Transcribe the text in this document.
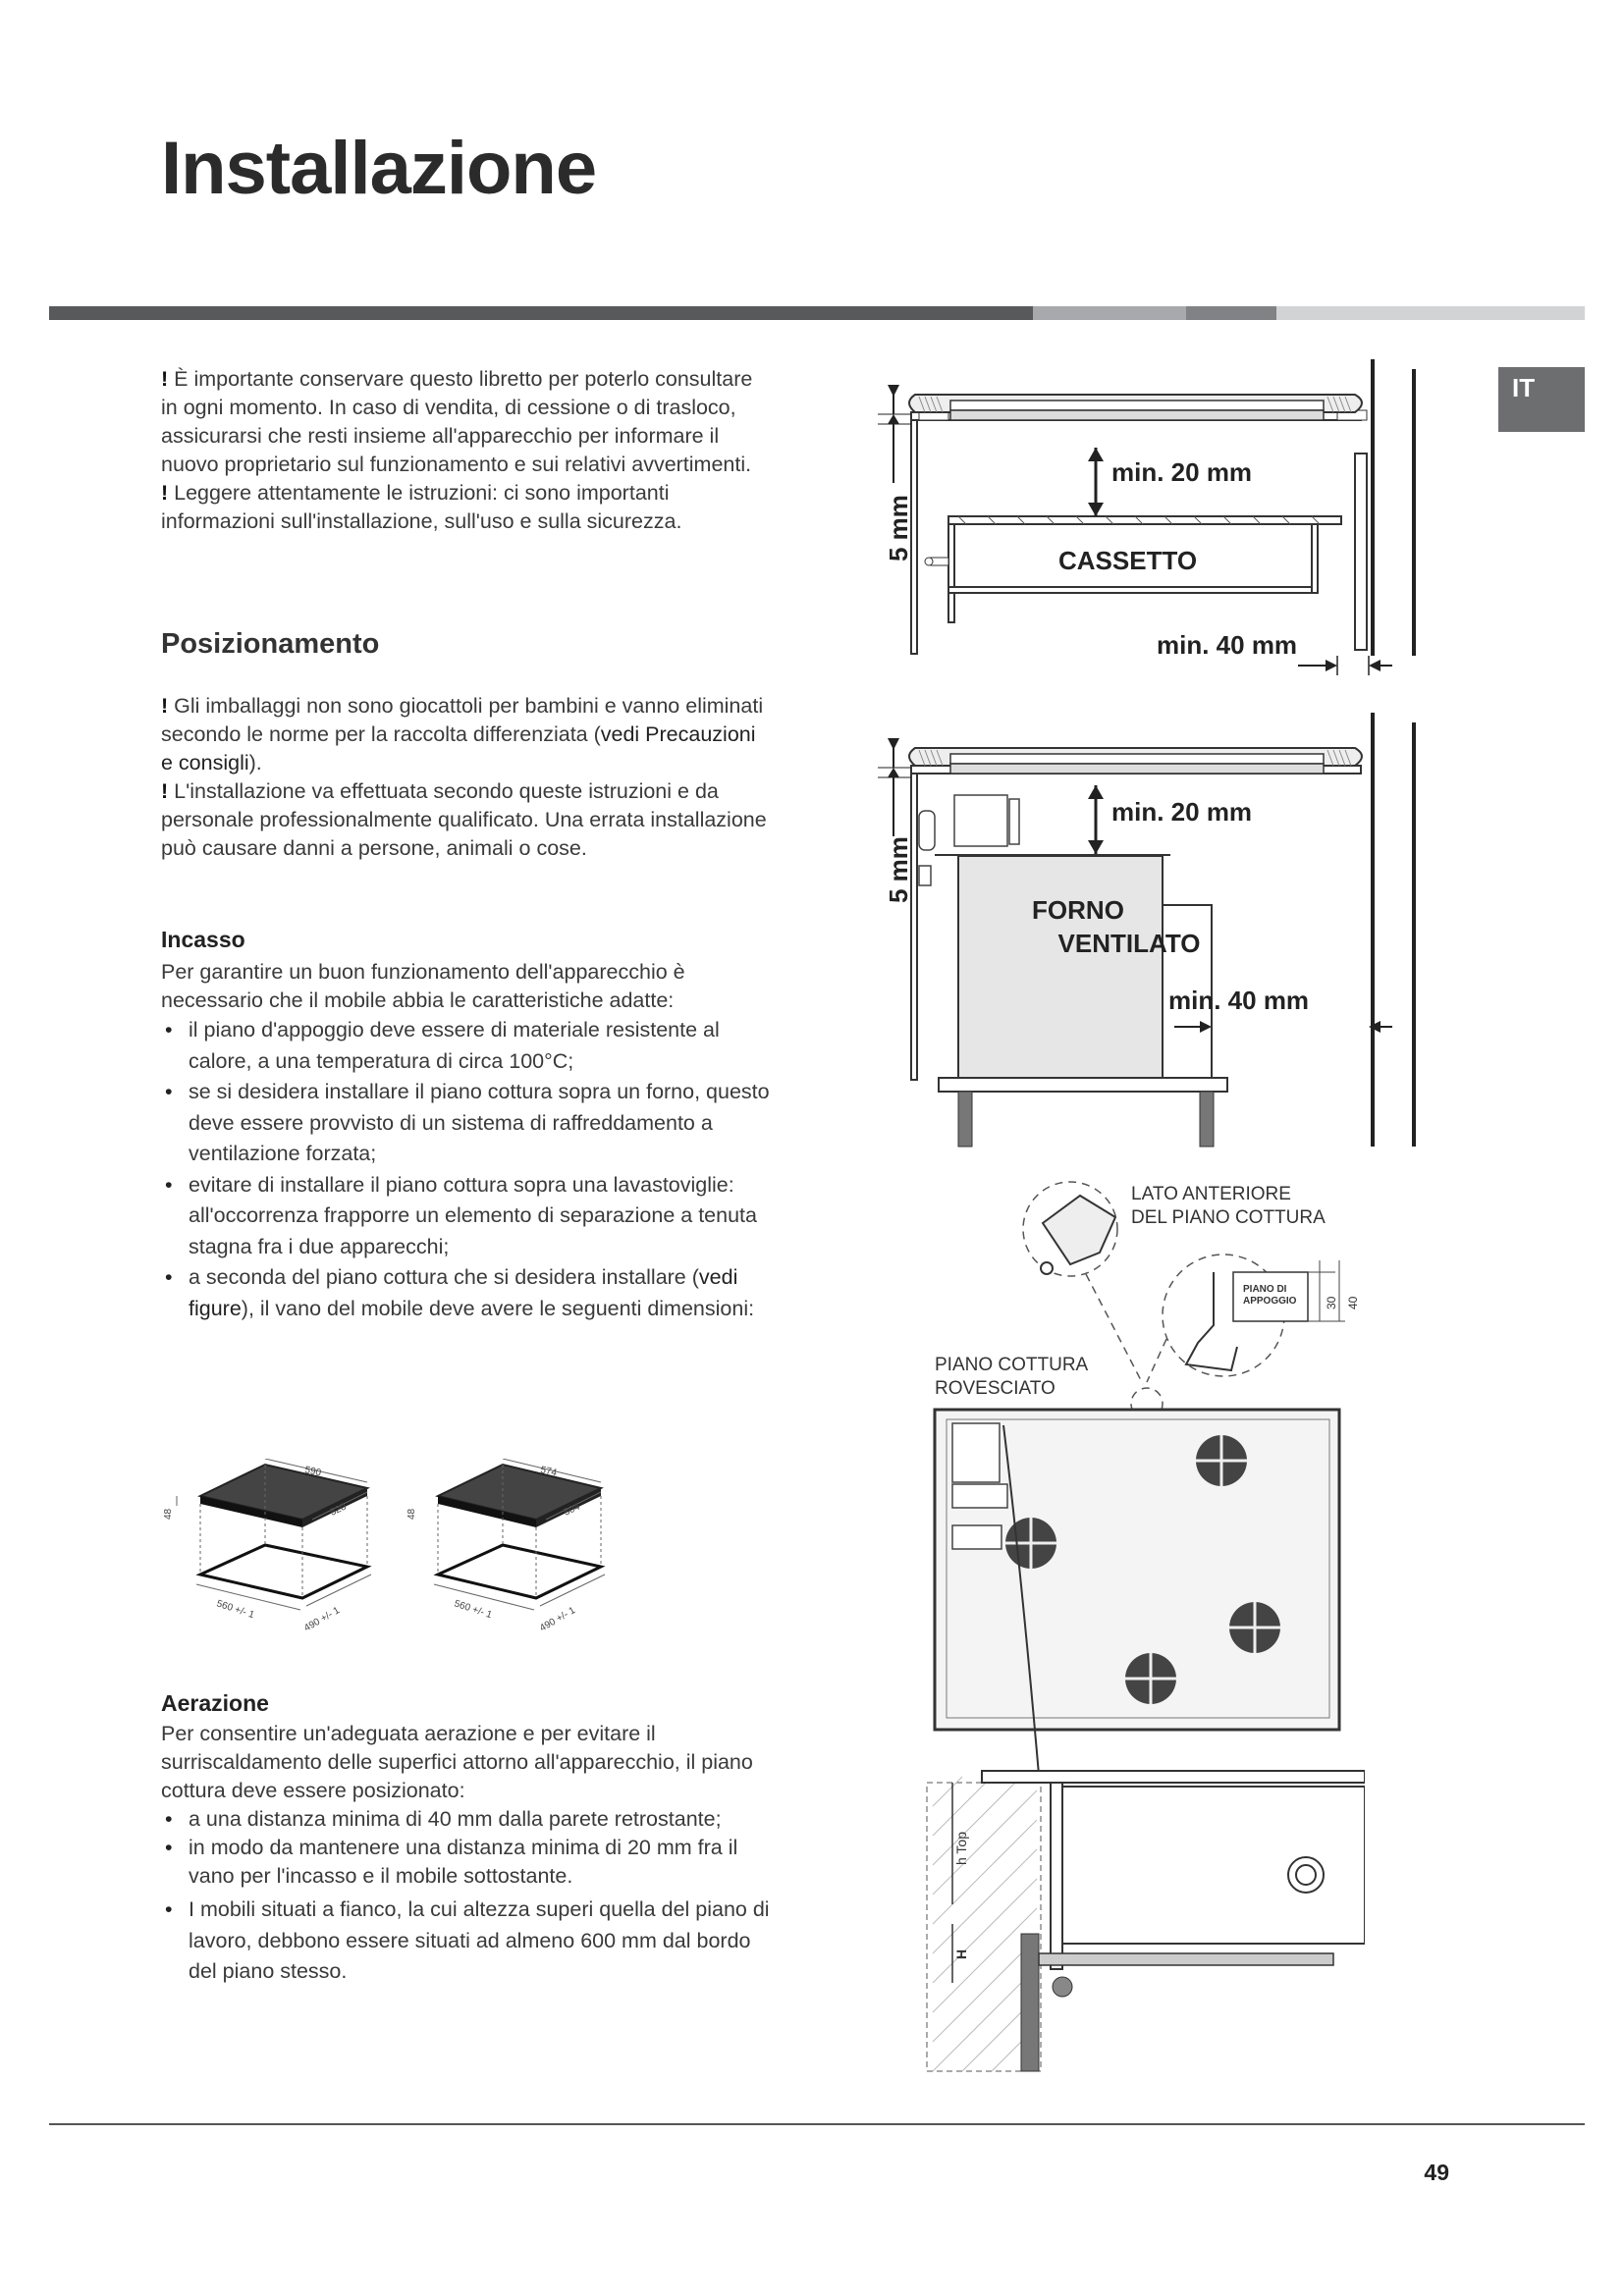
Installazione
IT

! È importante conservare questo libretto per poterlo consultare in ogni momento. In caso di vendita, di cessione o di trasloco, assicurarsi che resti insieme all'apparecchio per informare il nuovo proprietario sul funzionamento e sui relativi avvertimenti.

! Leggere attentamente le istruzioni: ci sono importanti informazioni sull'installazione, sull'uso e sulla sicurezza.

Posizionamento

! Gli imballaggi non sono giocattoli per bambini e vanno eliminati secondo le norme per la raccolta differenziata (vedi Precauzioni e consigli).

! L'installazione va effettuata secondo queste istruzioni e da personale professionalmente qualificato. Una errata installazione può causare danni a persone, animali o cose.

Incasso

Per garantire un buon funzionamento dell'apparecchio è necessario che il mobile abbia le caratteristiche adatte:

• il piano d'appoggio deve essere di materiale resistente al calore, a una temperatura di circa 100°C;
• se si desidera installare il piano cottura sopra un forno, questo deve essere provvisto di un sistema di raffreddamento a ventilazione forzata;
• evitare di installare il piano cottura sopra una lavastoviglie: all'occorrenza frapporre un elemento di separazione a tenuta stagna fra i due apparecchi;
• a seconda del piano cottura che si desidera installare (vedi figure), il vano del mobile deve avere le seguenti dimensioni:
590
520
48
560 +/- 1	490 +/- 1
574
504
48
560 +/- 1	490 +/- 1
Aerazione

Per consentire un'adeguata aerazione e per evitare il surriscaldamento delle superfici attorno all'apparecchio, il piano cottura deve essere posizionato:

• a una distanza minima di 40 mm dalla parete retrostante;
• in modo da mantenere una distanza minima di 20 mm fra il vano per l'incasso e il mobile sottostante.
• I mobili situati a fianco, la cui altezza superi quella del piano di lavoro, debbono essere situati ad almeno 600 mm dal bordo del piano stesso.
min. 20 mm
5 mm	CASSETTO
min. 40 mm
min. 20 mm
5 mm
FORNO
VENTILATO
min. 40 mm
LATO ANTERIORE
DEL PIANO COTTURA
PIANO DI
APPOGGIO 30 40
PIANO COTTURA
ROVESCIATO
h Top
H
49
